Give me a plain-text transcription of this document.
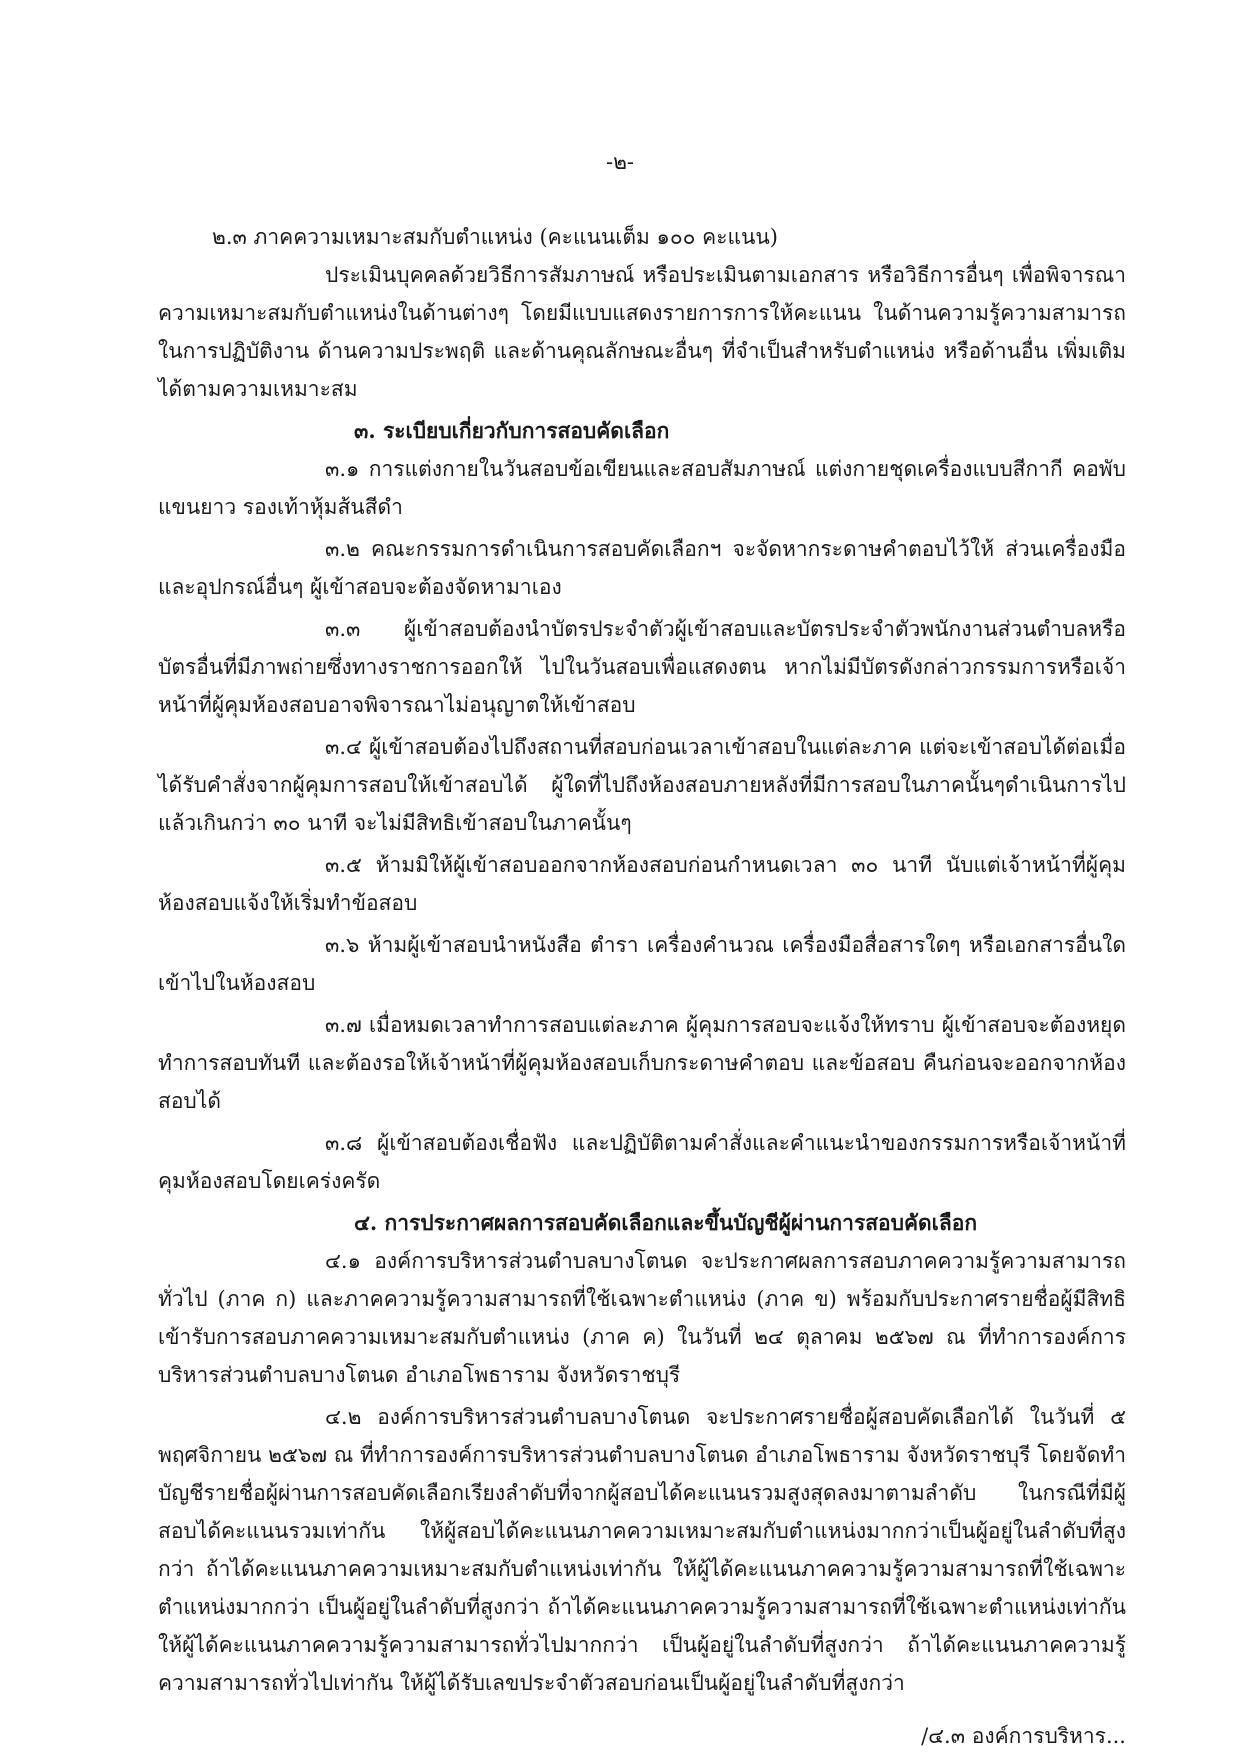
-๒-

๒.๓ ภาคความเหมาะสมกับตำแหน่ง (คะแนนเต็ม ๑๐๐ คะแนน)

ประเมินบุคคลด้วยวิธีการสัมภาษณ์ หรือประเมินตามเอกสาร หรือวิธีการอื่นๆ เพื่อพิจารณาความเหมาะสมกับตำแหน่งในด้านต่างๆ โดยมีแบบแสดงรายการการให้คะแนน ในด้านความรู้ความสามารถในการปฏิบัติงาน ด้านความประพฤติ และด้านคุณลักษณะอื่นๆ ที่จำเป็นสำหรับตำแหน่ง หรือด้านอื่น เพิ่มเติมได้ตามความเหมาะสม

๓. ระเบียบเกี่ยวกับการสอบคัดเลือก

๓.๑ การแต่งกายในวันสอบข้อเขียนและสอบสัมภาษณ์ แต่งกายชุดเครื่องแบบสีกากี คอพับ แขนยาว รองเท้าหุ้มส้นสีดำ

๓.๒ คณะกรรมการดำเนินการสอบคัดเลือกฯ จะจัดหากระดาษคำตอบไว้ให้ ส่วนเครื่องมือและอุปกรณ์อื่นๆ ผู้เข้าสอบจะต้องจัดหามาเอง

๓.๓ ผู้เข้าสอบต้องนำบัตรประจำตัวผู้เข้าสอบและบัตรประจำตัวพนักงานส่วนตำบลหรือบัตรอื่นที่มีภาพถ่ายซึ่งทางราชการออกให้ ไปในวันสอบเพื่อแสดงตน หากไม่มีบัตรดังกล่าวกรรมการหรือเจ้าหน้าที่ผู้คุมห้องสอบอาจพิจารณาไม่อนุญาตให้เข้าสอบ

๓.๔ ผู้เข้าสอบต้องไปถึงสถานที่สอบก่อนเวลาเข้าสอบในแต่ละภาค แต่จะเข้าสอบได้ต่อเมื่อได้รับคำสั่งจากผู้คุมการสอบให้เข้าสอบได้ ผู้ใดที่ไปถึงห้องสอบภายหลังที่มีการสอบในภาคนั้นๆดำเนินการไปแล้วเกินกว่า ๓๐ นาที จะไม่มีสิทธิเข้าสอบในภาคนั้นๆ

๓.๕ ห้ามมิให้ผู้เข้าสอบออกจากห้องสอบก่อนกำหนดเวลา ๓๐ นาที นับแต่เจ้าหน้าที่ผู้คุมห้องสอบแจ้งให้เริ่มทำข้อสอบ

๓.๖ ห้ามผู้เข้าสอบนำหนังสือ ตำรา เครื่องคำนวณ เครื่องมือสื่อสารใดๆ หรือเอกสารอื่นใดเข้าไปในห้องสอบ

๓.๗ เมื่อหมดเวลาทำการสอบแต่ละภาค ผู้คุมการสอบจะแจ้งให้ทราบ ผู้เข้าสอบจะต้องหยุดทำการสอบทันที และต้องรอให้เจ้าหน้าที่ผู้คุมห้องสอบเก็บกระดาษคำตอบ และข้อสอบ คืนก่อนจะออกจากห้องสอบได้

๓.๘ ผู้เข้าสอบต้องเชื่อฟัง และปฏิบัติตามคำสั่งและคำแนะนำของกรรมการหรือเจ้าหน้าที่คุมห้องสอบโดยเคร่งครัด

๔. การประกาศผลการสอบคัดเลือกและขึ้นบัญชีผู้ผ่านการสอบคัดเลือก

๔.๑ องค์การบริหารส่วนตำบลบางโตนด จะประกาศผลการสอบภาคความรู้ความสามารถทั่วไป (ภาค ก) และภาคความรู้ความสามารถที่ใช้เฉพาะตำแหน่ง (ภาค ข) พร้อมกับประกาศรายชื่อผู้มีสิทธิเข้ารับการสอบภาคความเหมาะสมกับตำแหน่ง (ภาค ค) ในวันที่ ๒๔ ตุลาคม ๒๕๖๗ ณ ที่ทำการองค์การบริหารส่วนตำบลบางโตนด อำเภอโพธาราม จังหวัดราชบุรี

๔.๒ องค์การบริหารส่วนตำบลบางโตนด จะประกาศรายชื่อผู้สอบคัดเลือกได้ ในวันที่ ๕ พฤศจิกายน ๒๕๖๗ ณ ที่ทำการองค์การบริหารส่วนตำบลบางโตนด อำเภอโพธาราม จังหวัดราชบุรี โดยจัดทำบัญชีรายชื่อผู้ผ่านการสอบคัดเลือกเรียงลำดับที่จากผู้สอบได้คะแนนรวมสูงสุดลงมาตามลำดับ ในกรณีที่มีผู้สอบได้คะแนนรวมเท่ากัน ให้ผู้สอบได้คะแนนภาคความเหมาะสมกับตำแหน่งมากกว่าเป็นผู้อยู่ในลำดับที่สูงกว่า ถ้าได้คะแนนภาคความเหมาะสมกับตำแหน่งเท่ากัน ให้ผู้ได้คะแนนภาคความรู้ความสามารถที่ใช้เฉพาะตำแหน่งมากกว่า เป็นผู้อยู่ในลำดับที่สูงกว่า ถ้าได้คะแนนภาคความรู้ความสามารถที่ใช้เฉพาะตำแหน่งเท่ากัน ให้ผู้ได้คะแนนภาคความรู้ความสามารถทั่วไปมากกว่า เป็นผู้อยู่ในลำดับที่สูงกว่า ถ้าได้คะแนนภาคความรู้ความสามารถทั่วไปเท่ากัน ให้ผู้ได้รับเลขประจำตัวสอบก่อนเป็นผู้อยู่ในลำดับที่สูงกว่า

/๔.๓ องค์การบริหาร...
